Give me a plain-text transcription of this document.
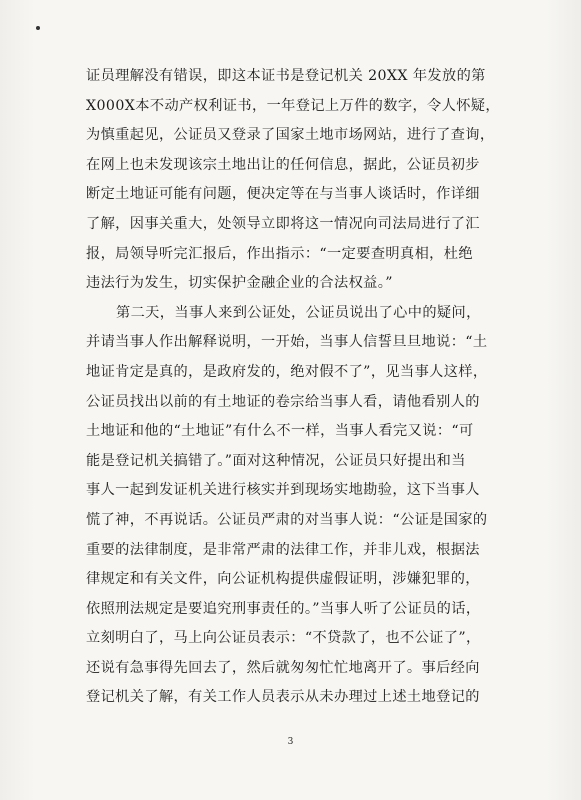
证员理解没有错误，即这本证书是登记机关 20XX 年发放的第
X000X本不动产权利证书，一年登记上万件的数字，令人怀疑，
为慎重起见，公证员又登录了国家土地市场网站，进行了查询，
在网上也未发现该宗土地出让的任何信息，据此，公证员初步
断定土地证可能有问题，便决定等在与当事人谈话时，作详细
了解，因事关重大，处领导立即将这一情况向司法局进行了汇
报，局领导听完汇报后，作出指示：“一定要查明真相，杜绝
违法行为发生，切实保护金融企业的合法权益。”
第二天，当事人来到公证处，公证员说出了心中的疑问，
并请当事人作出解释说明，一开始，当事人信誓旦旦地说：“土
地证肯定是真的，是政府发的，绝对假不了”，见当事人这样，
公证员找出以前的有土地证的卷宗给当事人看，请他看别人的
土地证和他的“土地证”有什么不一样，当事人看完又说：“可
能是登记机关搞错了。”面对这种情况，公证员只好提出和当
事人一起到发证机关进行核实并到现场实地勘验，这下当事人
慌了神，不再说话。公证员严肃的对当事人说：“公证是国家的
重要的法律制度，是非常严肃的法律工作，并非儿戏，根据法
律规定和有关文件，向公证机构提供虚假证明，涉嫌犯罪的，
依照刑法规定是要追究刑事责任的。”当事人听了公证员的话，
立刻明白了，马上向公证员表示：“不贷款了，也不公证了”，
还说有急事得先回去了，然后就匆匆忙忙地离开了。事后经向
登记机关了解，有关工作人员表示从未办理过上述土地登记的
3
